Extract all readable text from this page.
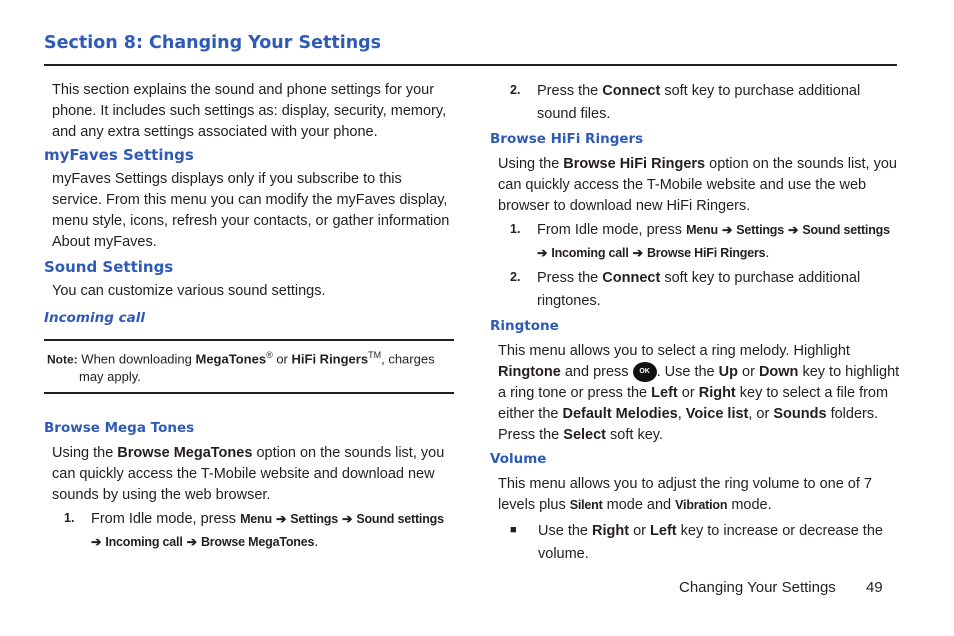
Section 8: Changing Your Settings

This section explains the sound and phone settings for your phone. It includes such settings as: display, security, memory, and any extra settings associated with your phone.

myFaves Settings

myFaves Settings displays only if you subscribe to this service. From this menu you can modify the myFaves display, menu style, icons, refresh your contacts, or gather information About myFaves.

Sound Settings

You can customize various sound settings.

Incoming call
Note: When downloading MegaTones® or HiFi Ringers™, charges
may apply.
Browse Mega Tones

Using the Browse MegaTones option on the sounds list, you can quickly access the T-Mobile website and download new sounds by using the web browser.

1.	From Idle mode, press Menu ➔ Settings ➔ Sound settings ➔ Incoming call ➔ Browse MegaTones.
2.	Press the Connect soft key to purchase additional sound files.
Browse HiFi Ringers

Using the Browse HiFi Ringers option on the sounds list, you can quickly access the T-Mobile website and use the web browser to download new HiFi Ringers.

1.	From Idle mode, press Menu ➔ Settings ➔ Sound settings ➔ Incoming call ➔ Browse HiFi Ringers.
2.	Press the Connect soft key to purchase additional ringtones.
Ringtone

This menu allows you to select a ring melody. Highlight Ringtone and press OK . Use the Up or Down key to highlight a ring tone or press the Left or Right key to select a file from either the Default Melodies, Voice list, or Sounds folders. Press the Select soft key.

Volume

This menu allows you to adjust the ring volume to one of 7 levels plus Silent mode and Vibration mode.

■	Use the Right or Left key to increase or decrease the volume.
Changing Your Settings 49
